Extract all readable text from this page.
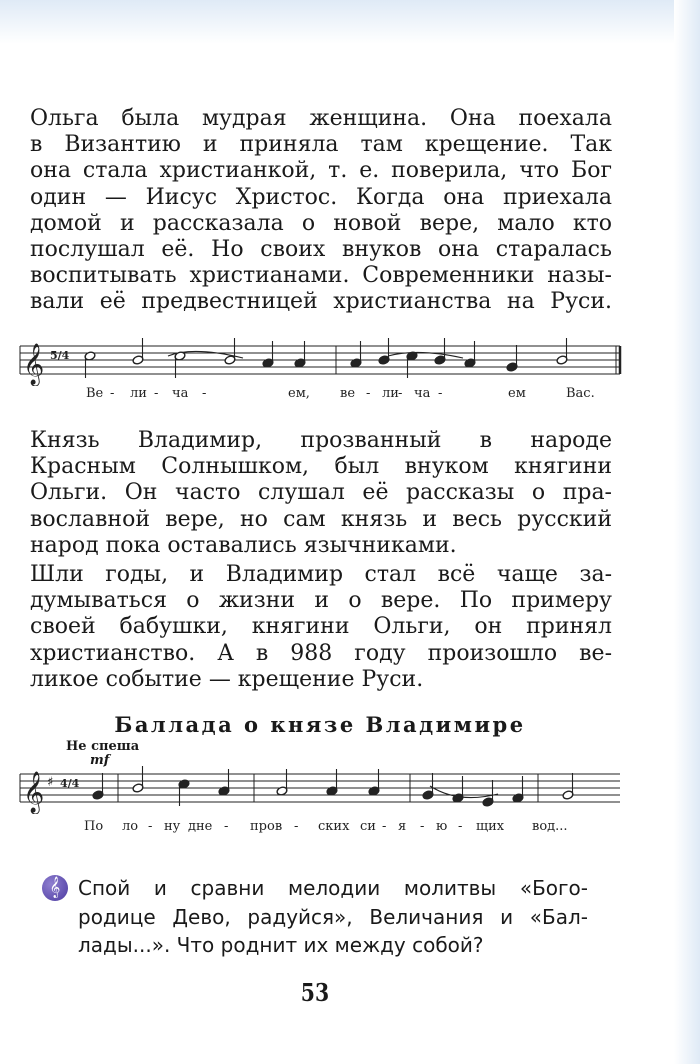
Ольга была мудрая женщина. Она поехала
в Византию и приняла там крещение. Так
она стала христианкой, т. е. поверила, что Бог
один — Иисус Христос. Когда она приехала
домой и рассказала о новой вере, мало кто
послушал её. Но своих внуков она старалась
воспитывать христианами. Современники назы-
вали её предвестницей христианства на Руси.
𝄞 5/4
Ве - ли - ча -	ем, ве - ли - ча -	ем	Вас.
Князь Владимир, прозванный в народе
Красным Солнышком, был внуком княгини
Ольги. Он часто слушал её рассказы о пра-
вославной вере, но сам князь и весь русский
народ пока оставались язычниками.
Шли годы, и Владимир стал всё чаще за-
думываться о жизни и о вере. По примеру
своей бабушки, княгини Ольги, он принял
христианство. А в 988 году произошло ве-
ликое событие — крещение Руси.
Баллада о князе Владимире
Не спеша
mf
𝄞 ♯ 4/4
По ло - ну дне - пров - ских си - я - ю - щих вод...
𝄞 Спой и сравни мелодии молитвы «Бого-
родице Дево, радуйся», Величания и «Бал-
лады...». Что роднит их между собой?
53
